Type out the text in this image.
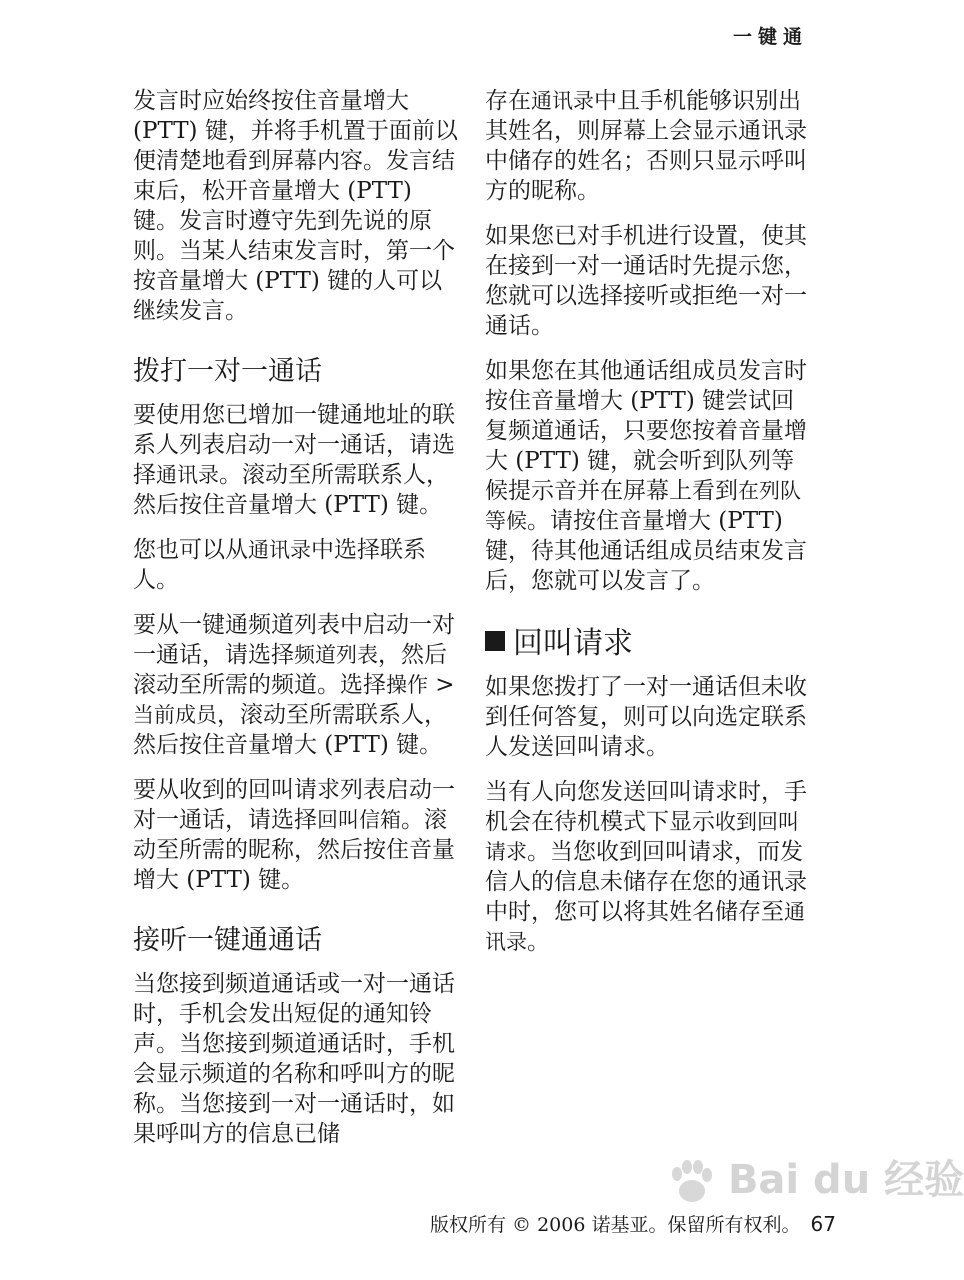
一键通

发言时应始终按住音量增大 (PTT) 键，并将手机置于面前以便清楚地看到屏幕内容。发言结束后，松开音量增大 (PTT) 键。发言时遵守先到先说的原则。当某人结束发言时，第一个按音量增大 (PTT) 键的人可以继续发言。

拨打一对一通话

要使用您已增加一键通地址的联系人列表启动一对一通话，请选择通讯录。滚动至所需联系人，然后按住音量增大 (PTT) 键。

您也可以从通讯录中选择联系人。

要从一键通频道列表中启动一对一通话，请选择频道列表，然后滚动至所需的频道。选择操作 > 当前成员，滚动至所需联系人，然后按住音量增大 (PTT) 键。

要从收到的回叫请求列表启动一对一通话，请选择回叫信箱。滚动至所需的昵称，然后按住音量增大 (PTT) 键。

接听一键通通话

当您接到频道通话或一对一通话时，手机会发出短促的通知铃声。当您接到频道通话时，手机会显示频道的名称和呼叫方的昵称。当您接到一对一通话时，如果呼叫方的信息已储

存在通讯录中且手机能够识别出其姓名，则屏幕上会显示通讯录中储存的姓名；否则只显示呼叫方的昵称。

如果您已对手机进行设置，使其在接到一对一通话时先提示您，您就可以选择接听或拒绝一对一通话。

如果您在其他通话组成员发言时按住音量增大 (PTT) 键尝试回复频道通话，只要您按着音量增大 (PTT) 键，就会听到队列等候提示音并在屏幕上看到在列队等候。请按住音量增大 (PTT) 键，待其他通话组成员结束发言后，您就可以发言了。

回叫请求

如果您拨打了一对一通话但未收到任何答复，则可以向选定联系人发送回叫请求。

当有人向您发送回叫请求时，手机会在待机模式下显示收到回叫请求。当您收到回叫请求，而发信人的信息未储存在您的通讯录中时，您可以将其姓名储存至通讯录。

Bai du 经验
版权所有 © 2006 诺基亚。保留所有权利。 67
